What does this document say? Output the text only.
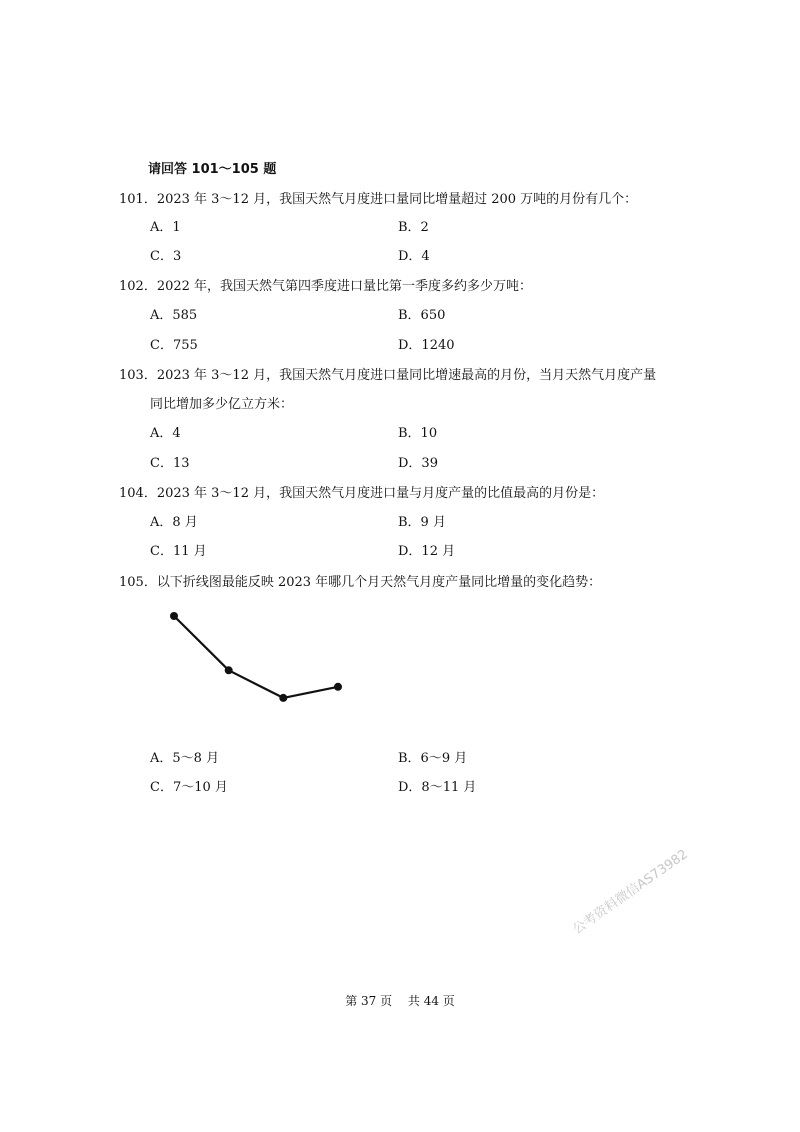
请回答 101～105 题
101．2023 年 3～12 月，我国天然气月度进口量同比增量超过 200 万吨的月份有几个：
A．1	B．2
C．3	D．4
102．2022 年，我国天然气第四季度进口量比第一季度多约多少万吨：
A．585	B．650
C．755	D．1240
103．2023 年 3～12 月，我国天然气月度进口量同比增速最高的月份，当月天然气月度产量
同比增加多少亿立方米：
A．4	B．10
C．13	D．39
104．2023 年 3～12 月，我国天然气月度进口量与月度产量的比值最高的月份是：
A．8 月	B．9 月
C．11 月	D．12 月
105．以下折线图最能反映 2023 年哪几个月天然气月度产量同比增量的变化趋势：
A．5～8 月	B．6～9 月
C．7～10 月	D．8～11 月
公考资料微信AS73982
第 37 页　 共 44 页
